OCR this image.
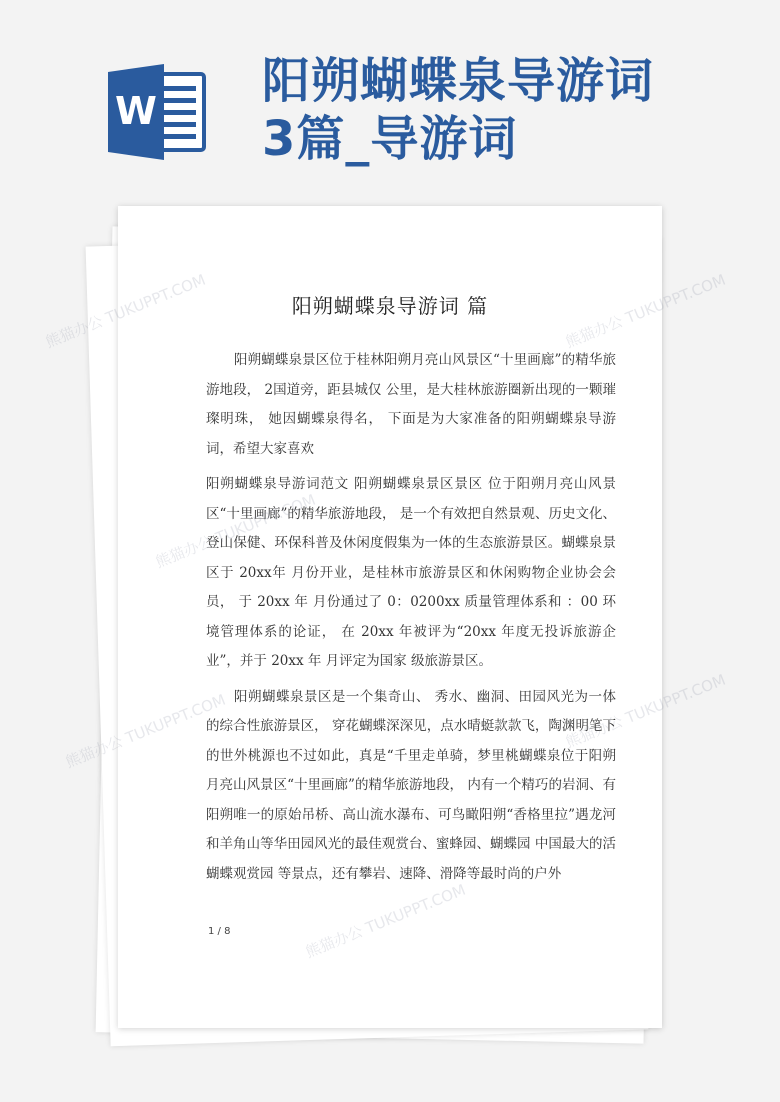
W
阳朔蝴蝶泉导游词
3篇_导游词
阳朔蝴蝶泉导游词 篇

阳朔蝴蝶泉景区位于桂林阳朔月亮山风景区“十里画廊”的精华旅游地段， 2国道旁，距县城仅 公里，是大桂林旅游圈新出现的一颗璀璨明珠， 她因蝴蝶泉得名， 下面是为大家准备的阳朔蝴蝶泉导游词，希望大家喜欢

阳朔蝴蝶泉导游词范文 阳朔蝴蝶泉景区景区 位于阳朔月亮山风景区“十里画廊”的精华旅游地段， 是一个有效把自然景观、历史文化、登山保健、环保科普及休闲度假集为一体的生态旅游景区。蝴蝶泉景区于 20xx年 月份开业，是桂林市旅游景区和休闲购物企业协会会员， 于 20xx 年 月份通过了 0：0200xx 质量管理体系和 ：00 环境管理体系的论证， 在 20xx 年被评为“20xx 年度无投诉旅游企业”，并于 20xx 年 月评定为国家 级旅游景区。

阳朔蝴蝶泉景区是一个集奇山、 秀水、幽洞、田园风光为一体的综合性旅游景区， 穿花蝴蝶深深见，点水晴蜓款款飞，陶渊明笔下的世外桃源也不过如此，真是“千里走单骑，梦里桃蝴蝶泉位于阳朔月亮山风景区“十里画廊”的精华旅游地段， 内有一个精巧的岩洞、有阳朔唯一的原始吊桥、高山流水瀑布、可鸟瞰阳朔“香格里拉”遇龙河和羊角山等华田园风光的最佳观赏台、蜜蜂园、蝴蝶园 中国最大的活蝴蝶观赏园 等景点，还有攀岩、速降、滑降等最时尚的户外

1 / 8
熊猫办公
熊猫办公
TUKUPPT.COM
TUKUPPT.COM
